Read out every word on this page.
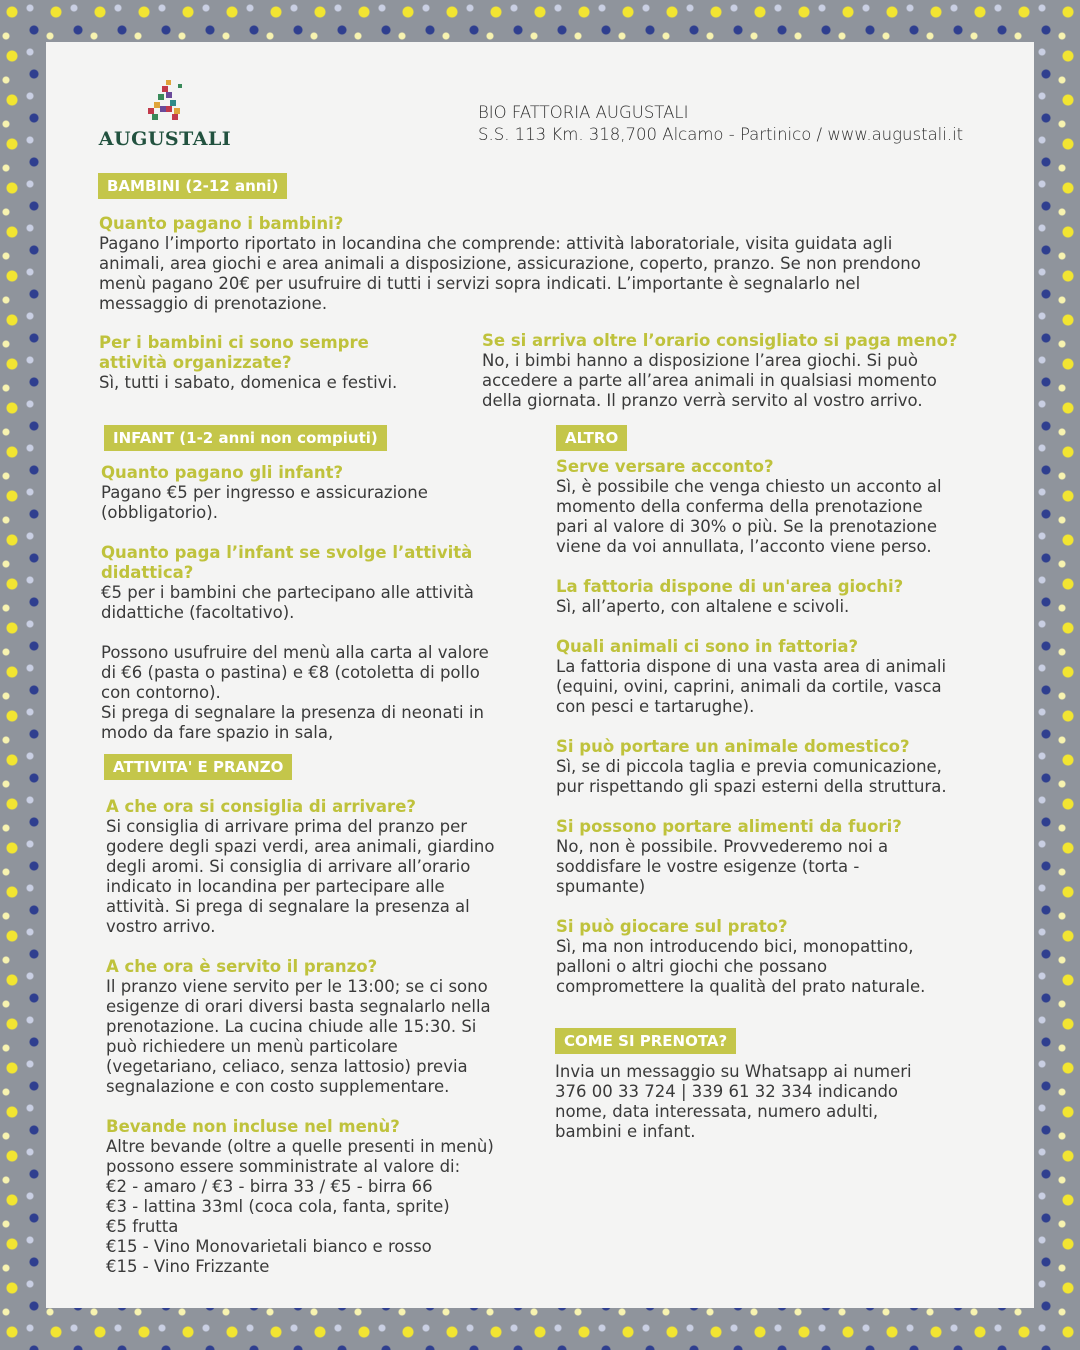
AUGUSTALI
BIO FATTORIA AUGUSTALI
S.S. 113 Km. 318,700 Alcamo - Partinico / www.augustali.it
BAMBINI (2-12 anni)
Quanto pagano i bambini?
Pagano l’importo riportato in locandina che comprende: attività laboratoriale, visita guidata agli
animali, area giochi e area animali a disposizione, assicurazione, coperto, pranzo. Se non prendono
menù pagano 20€ per usufruire di tutti i servizi sopra indicati. L’importante è segnalarlo nel
messaggio di prenotazione.
Per i bambini ci sono sempre
attività organizzate?
Sì, tutti i sabato, domenica e festivi.
Se si arriva oltre l’orario consigliato si paga meno?
No, i bimbi hanno a disposizione l’area giochi. Si può
accedere a parte all’area animali in qualsiasi momento
della giornata. Il pranzo verrà servito al vostro arrivo.
INFANT (1-2 anni non compiuti)
Quanto pagano gli infant?
Pagano €5 per ingresso e assicurazione
(obbligatorio).
Quanto paga l’infant se svolge l’attività
didattica?
€5 per i bambini che partecipano alle attività
didattiche (facoltativo).
Possono usufruire del menù alla carta al valore
di €6 (pasta o pastina) e €8 (cotoletta di pollo
con contorno).
Si prega di segnalare la presenza di neonati in
modo da fare spazio in sala,
ATTIVITA' E PRANZO
A che ora si consiglia di arrivare?
Si consiglia di arrivare prima del pranzo per
godere degli spazi verdi, area animali, giardino
degli aromi. Si consiglia di arrivare all’orario
indicato in locandina per partecipare alle
attività. Si prega di segnalare la presenza al
vostro arrivo.
A che ora è servito il pranzo?
Il pranzo viene servito per le 13:00; se ci sono
esigenze di orari diversi basta segnalarlo nella
prenotazione. La cucina chiude alle 15:30. Si
può richiedere un menù particolare
(vegetariano, celiaco, senza lattosio) previa
segnalazione e con costo supplementare.
Bevande non incluse nel menù?
Altre bevande (oltre a quelle presenti in menù)
possono essere somministrate al valore di:
€2 - amaro / €3 - birra 33 / €5 - birra 66
€3 - lattina 33ml (coca cola, fanta, sprite)
€5 frutta
€15 - Vino Monovarietali bianco e rosso
€15 - Vino Frizzante
ALTRO
Serve versare acconto?
Sì, è possibile che venga chiesto un acconto al
momento della conferma della prenotazione
pari al valore di 30% o più. Se la prenotazione
viene da voi annullata, l’acconto viene perso.
La fattoria dispone di un'area giochi?
Sì, all’aperto, con altalene e scivoli.
Quali animali ci sono in fattoria?
La fattoria dispone di una vasta area di animali
(equini, ovini, caprini, animali da cortile, vasca
con pesci e tartarughe).
Si può portare un animale domestico?
Sì, se di piccola taglia e previa comunicazione,
pur rispettando gli spazi esterni della struttura.
Si possono portare alimenti da fuori?
No, non è possibile. Provvederemo noi a
soddisfare le vostre esigenze (torta -
spumante)
Si può giocare sul prato?
Sì, ma non introducendo bici, monopattino,
palloni o altri giochi che possano
compromettere la qualità del prato naturale.
COME SI PRENOTA?
Invia un messaggio su Whatsapp ai numeri
376 00 33 724 | 339 61 32 334 indicando
nome, data interessata, numero adulti,
bambini e infant.
